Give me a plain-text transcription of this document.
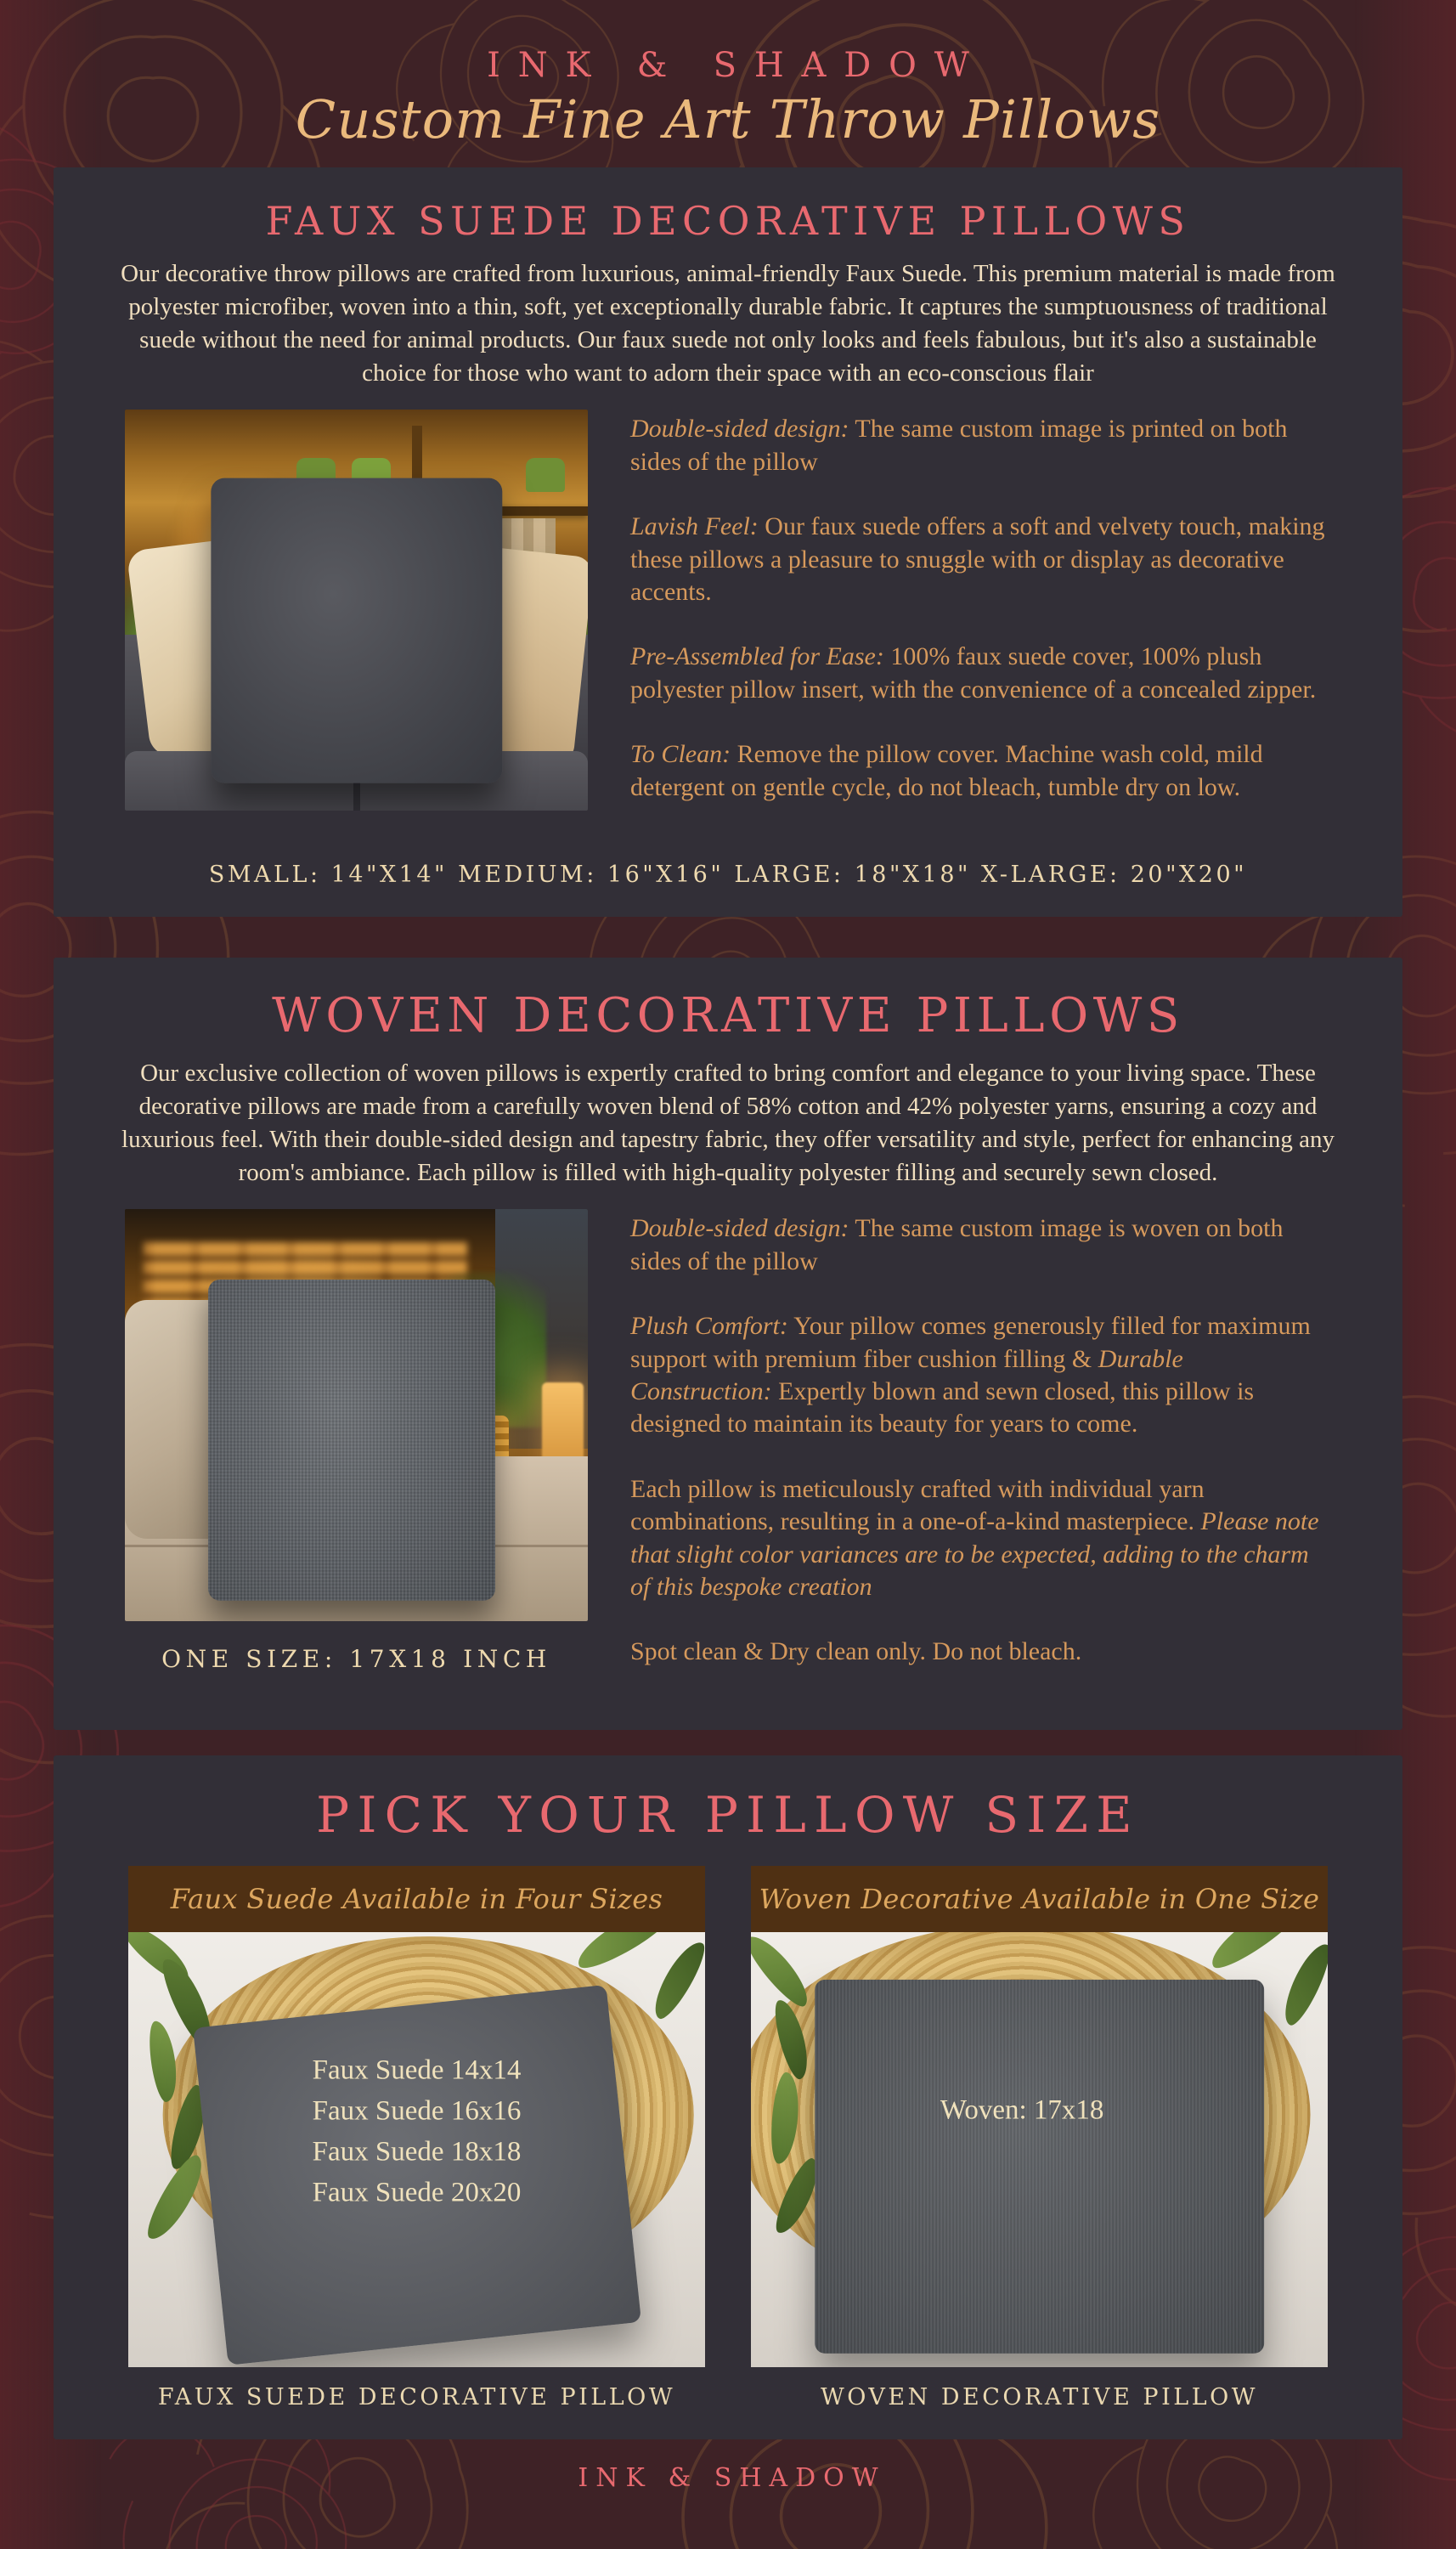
INK & SHADOW
Custom Fine Art Throw Pillows
FAUX SUEDE DECORATIVE PILLOWS

Our decorative throw pillows are crafted from luxurious, animal-friendly Faux Suede. This premium material is made from polyester microfiber, woven into a thin, soft, yet exceptionally durable fabric. It captures the sumptuousness of traditional suede without the need for animal products. Our faux suede not only looks and feels fabulous, but it's also a sustainable choice for those who want to adorn their space with an eco-conscious flair

Double-sided design: The same custom image is printed on both sides of the pillow

Lavish Feel: Our faux suede offers a soft and velvety touch, making these pillows a pleasure to snuggle with or display as decorative accents.

Pre-Assembled for Ease: 100% faux suede cover, 100% plush polyester pillow insert, with the convenience of a concealed zipper.

To Clean: Remove the pillow cover. Machine wash cold, mild detergent on gentle cycle, do not bleach, tumble dry on low.

SMALL: 14"X14" MEDIUM: 16"X16" LARGE: 18"X18" X-LARGE: 20"X20"
WOVEN DECORATIVE PILLOWS

Our exclusive collection of woven pillows is expertly crafted to bring comfort and elegance to your living space. These decorative pillows are made from a carefully woven blend of 58% cotton and 42% polyester yarns, ensuring a cozy and luxurious feel. With their double-sided design and tapestry fabric, they offer versatility and style, perfect for enhancing any room's ambiance. Each pillow is filled with high-quality polyester filling and securely sewn closed.

ONE SIZE: 17X18 INCH

Double-sided design: The same custom image is woven on both sides of the pillow

Plush Comfort: Your pillow comes generously filled for maximum support with premium fiber cushion filling & Durable Construction: Expertly blown and sewn closed, this pillow is designed to maintain its beauty for years to come.

Each pillow is meticulously crafted with individual yarn combinations, resulting in a one-of-a-kind masterpiece. Please note that slight color variances are to be expected, adding to the charm of this bespoke creation

Spot clean & Dry clean only. Do not bleach.

PICK YOUR PILLOW SIZE
Faux Suede Available in Four Sizes
Faux Suede 14x14
Faux Suede 16x16
Faux Suede 18x18
Faux Suede 20x20
FAUX SUEDE DECORATIVE PILLOW
Woven Decorative Available in One Size
Woven: 17x18
WOVEN DECORATIVE PILLOW
INK & SHADOW
